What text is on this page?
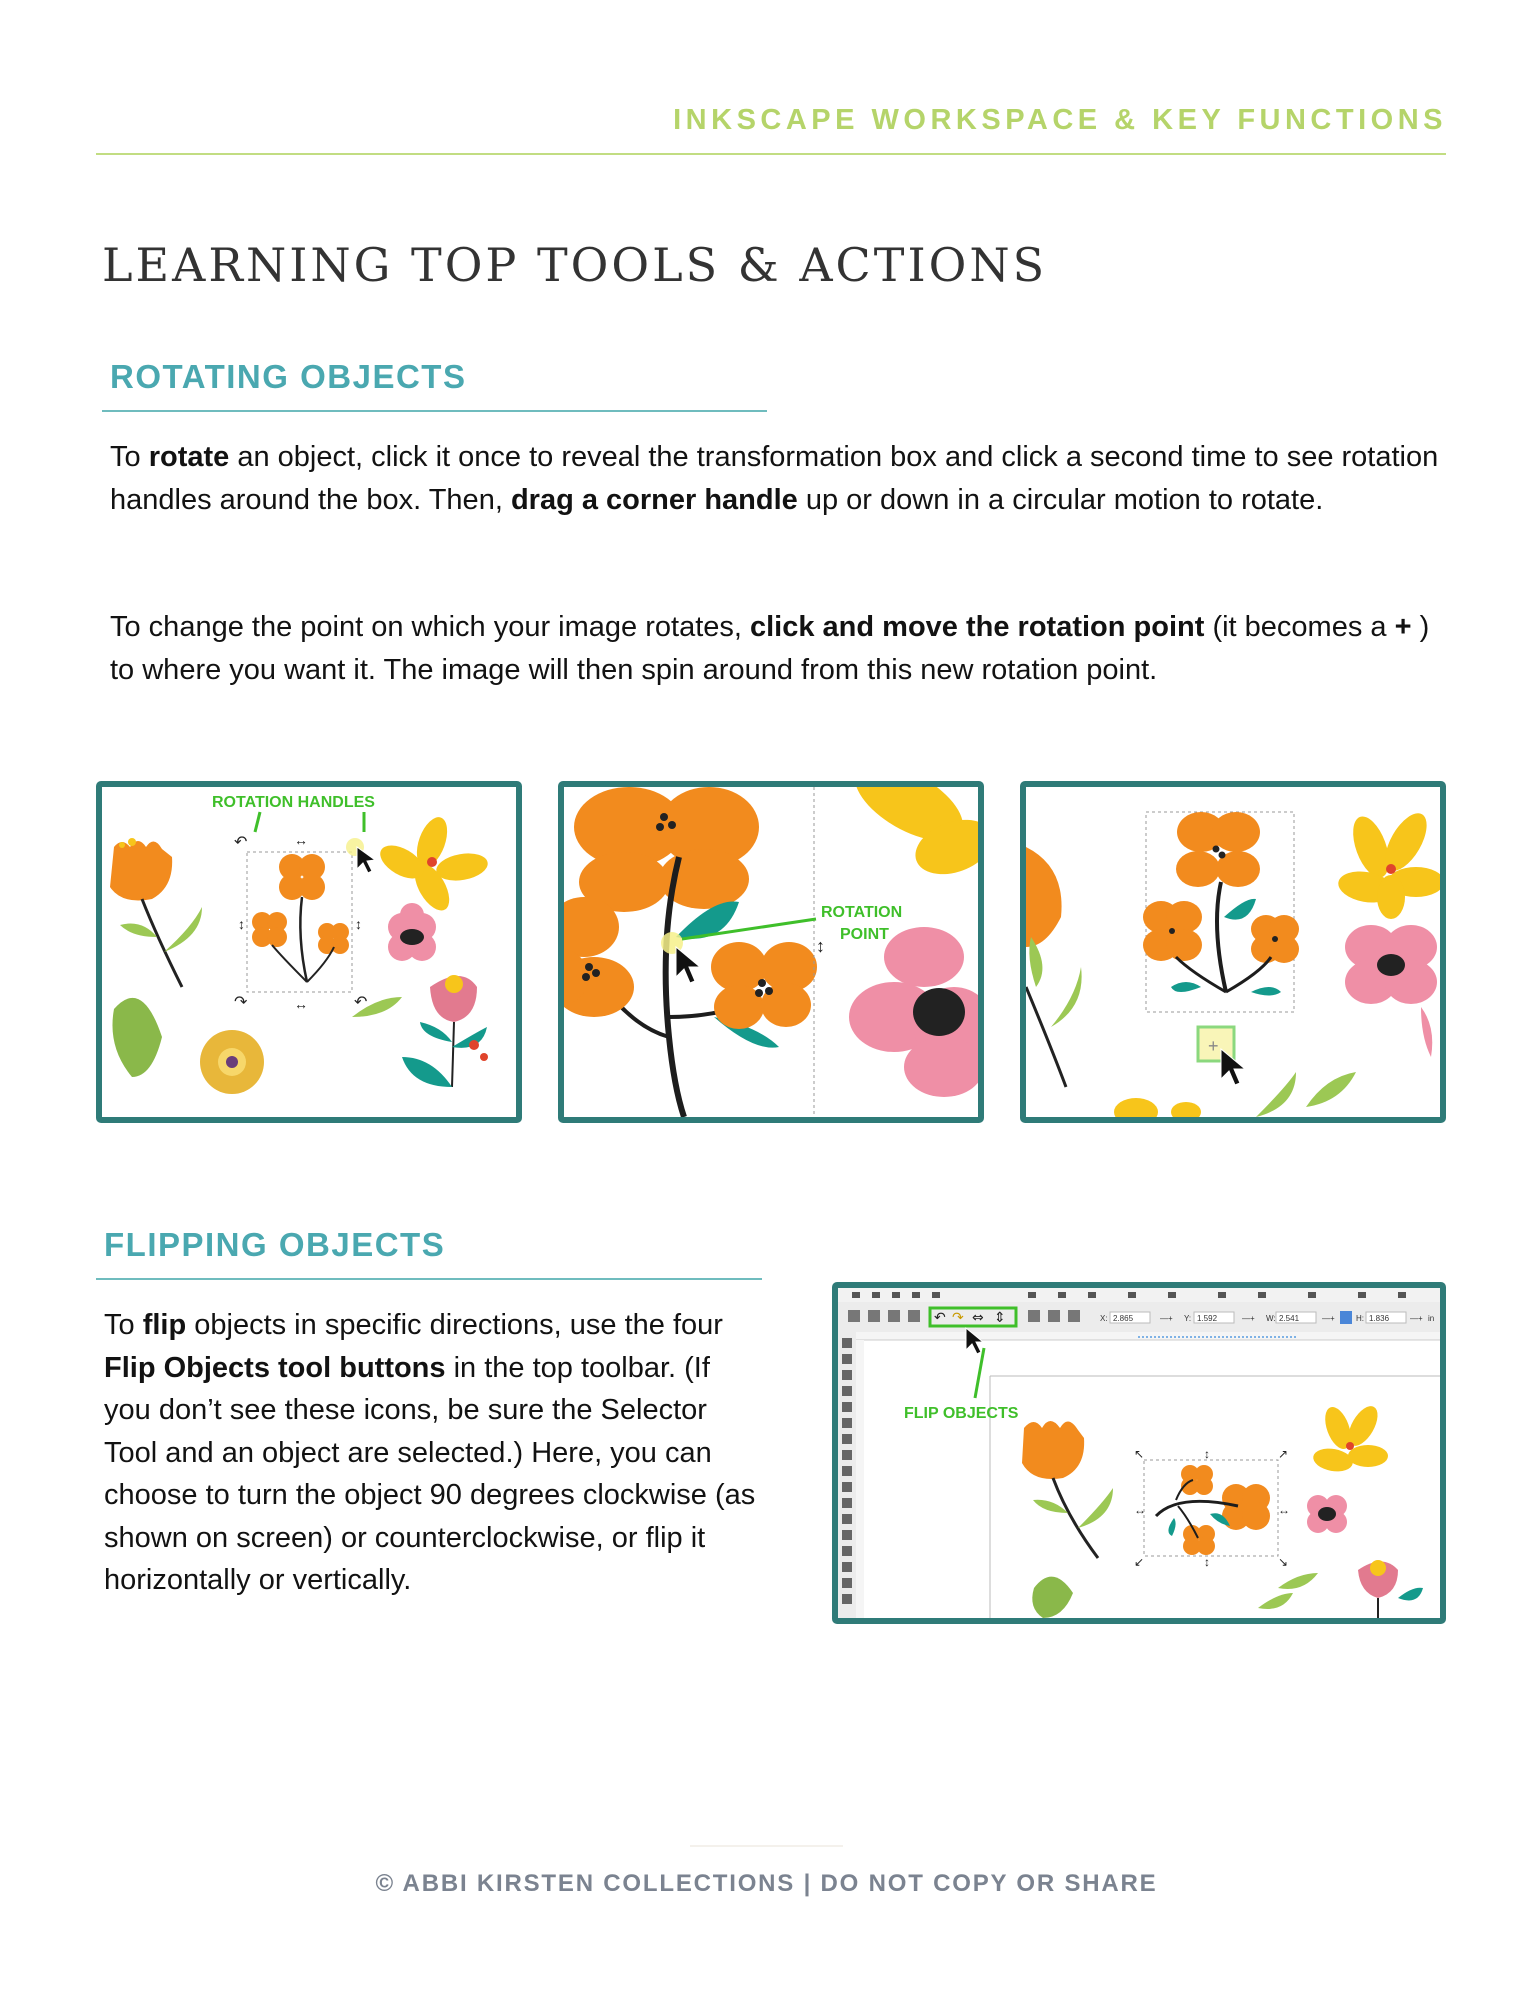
INKSCAPE WORKSPACE & KEY FUNCTIONS
LEARNING TOP TOOLS & ACTIONS
ROTATING OBJECTS

To rotate an object, click it once to reveal the transformation box and click a second time to see rotation handles around the box. Then, drag a corner handle up or down in a circular motion to rotate.

To change the point on which your image rotates, click and move the rotation point (it becomes a + ) to where you want it. The image will then spin around from this new rotation point.

ROTATION HANDLES
↶	↔
↕	↕
↷	↔	↶
↕
ROTATION
POINT
+
FLIPPING OBJECTS

To flip objects in specific directions, use the four Flip Objects tool buttons in the top toolbar. (If you don’t see these icons, be sure the Selector Tool and an object are selected.) Here, you can choose to turn the object 90 degrees clockwise (as shown on screen) or counterclockwise, or flip it horizontally or vertically.

↶ ↷ ⇔ ⇕	X: 2.865	—+ Y: 1.592	—+ W: 2.541	—+	H: 1.836	—+ in
FLIP OBJECTS
↖	↕	↗
↔	↔
↙	↕	↘
© ABBI KIRSTEN COLLECTIONS | DO NOT COPY OR SHARE
